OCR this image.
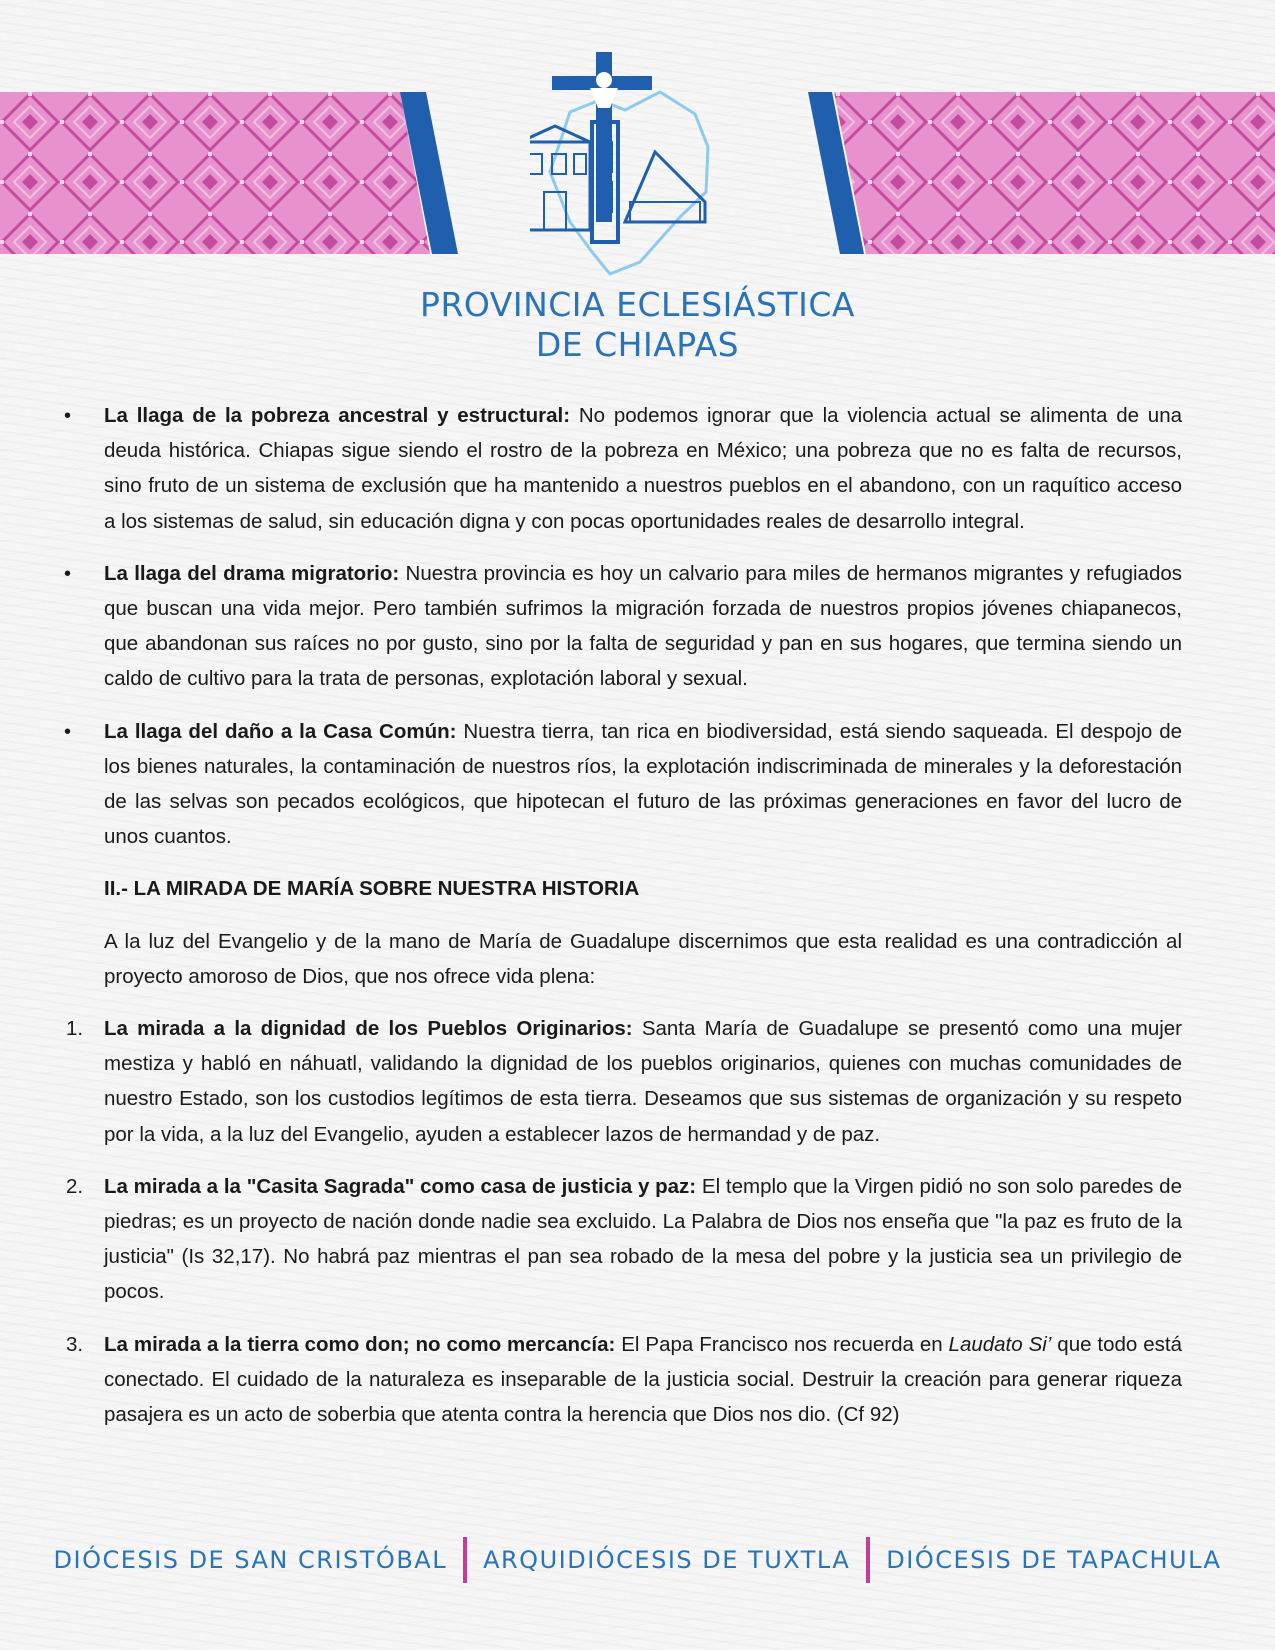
PROVINCIA ECLESIÁSTICA
DE CHIAPAS
•
La llaga de la pobreza ancestral y estructural: No podemos ignorar que la violencia actual se alimenta de una deuda histórica. Chiapas sigue siendo el rostro de la pobreza en México; una pobreza que no es falta de recursos, sino fruto de un sistema de exclusión que ha mantenido a nuestros pueblos en el abandono, con un raquítico acceso a los sistemas de salud, sin educación digna y con pocas oportunidades reales de desarrollo integral.
•
La llaga del drama migratorio: Nuestra provincia es hoy un calvario para miles de hermanos migrantes y refugiados que buscan una vida mejor. Pero también sufrimos la migración forzada de nuestros propios jóvenes chiapanecos, que abandonan sus raíces no por gusto, sino por la falta de seguridad y pan en sus hogares, que termina siendo un caldo de cultivo para la trata de personas, explotación laboral y sexual.
•
La llaga del daño a la Casa Común: Nuestra tierra, tan rica en biodiversidad, está siendo saqueada. El despojo de los bienes naturales, la contaminación de nuestros ríos, la explotación indiscriminada de minerales y la deforestación de las selvas son pecados ecológicos, que hipotecan el futuro de las próximas generaciones en favor del lucro de unos cuantos.
II.- LA MIRADA DE MARÍA SOBRE NUESTRA HISTORIA
A la luz del Evangelio y de la mano de María de Guadalupe discernimos que esta realidad es una contradicción al proyecto amoroso de Dios, que nos ofrece vida plena:
1. La mirada a la dignidad de los Pueblos Originarios: Santa María de Guadalupe se presentó como una mujer mestiza y habló en náhuatl, validando la dignidad de los pueblos originarios, quienes con muchas comunidades de nuestro Estado, son los custodios legítimos de esta tierra. Deseamos que sus sistemas de organización y su respeto por la vida, a la luz del Evangelio, ayuden a establecer lazos de hermandad y de paz.
2. La mirada a la "Casita Sagrada" como casa de justicia y paz: El templo que la Virgen pidió no son solo paredes de piedras; es un proyecto de nación donde nadie sea excluido. La Palabra de Dios nos enseña que "la paz es fruto de la justicia" (Is 32,17). No habrá paz mientras el pan sea robado de la mesa del pobre y la justicia sea un privilegio de pocos.
3. La mirada a la tierra como don; no como mercancía: El Papa Francisco nos recuerda en Laudato Si’ que todo está conectado. El cuidado de la naturaleza es inseparable de la justicia social. Destruir la creación para generar riqueza pasajera es un acto de soberbia que atenta contra la herencia que Dios nos dio. (Cf 92)
DIÓCESIS DE SAN CRISTÓBAL ARQUIDIÓCESIS DE TUXTLA DIÓCESIS DE TAPACHULA
